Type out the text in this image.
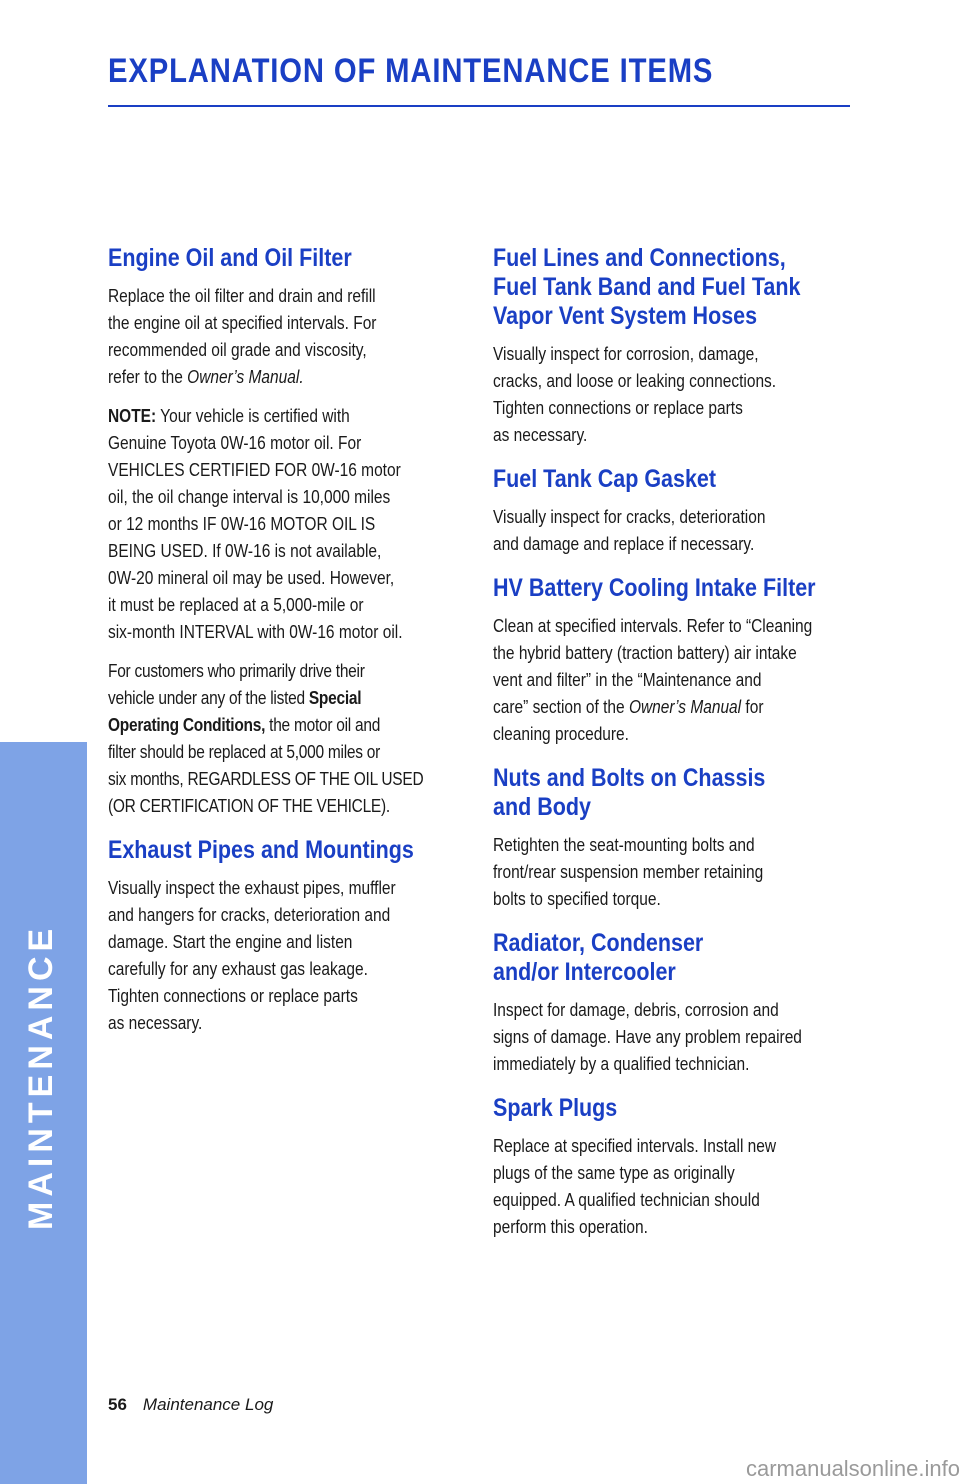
EXPLANATION OF MAINTENANCE ITEMS
Engine Oil and Oil Filter
Replace the oil filter and drain and refill
the engine oil at specified intervals. For
recommended oil grade and viscosity,
refer to the Owner’s Manual.
NOTE: Your vehicle is certified with
Genuine Toyota 0W-16 motor oil. For
VEHICLES CERTIFIED FOR 0W-16 motor
oil, the oil change interval is 10,000 miles
or 12 months IF 0W-16 MOTOR OIL IS
BEING USED. If 0W-16 is not available,
0W-20 mineral oil may be used. However,
it must be replaced at a 5,000-mile or
six-month INTERVAL with 0W-16 motor oil.
For customers who primarily drive their
vehicle under any of the listed Special
Operating Conditions, the motor oil and
filter should be replaced at 5,000 miles or
six months, REGARDLESS OF THE OIL USED
(OR CERTIFICATION OF THE VEHICLE).
Exhaust Pipes and Mountings
Visually inspect the exhaust pipes, muffler
and hangers for cracks, deterioration and
damage. Start the engine and listen
carefully for any exhaust gas leakage.
Tighten connections or replace parts
as necessary.
Fuel Lines and Connections,
Fuel Tank Band and Fuel Tank
Vapor Vent System Hoses
Visually inspect for corrosion, damage,
cracks, and loose or leaking connections.
Tighten connections or replace parts
as necessary.
Fuel Tank Cap Gasket
Visually inspect for cracks, deterioration
and damage and replace if necessary.
HV Battery Cooling Intake Filter
Clean at specified intervals. Refer to “Cleaning
the hybrid battery (traction battery) air intake
vent and filter” in the “Maintenance and
care” section of the Owner’s Manual for
cleaning procedure.
Nuts and Bolts on Chassis
and Body
Retighten the seat-mounting bolts and
front/rear suspension member retaining
bolts to specified torque.
Radiator, Condenser
and/or Intercooler
Inspect for damage, debris, corrosion and
signs of damage. Have any problem repaired
immediately by a qualified technician.
Spark Plugs
Replace at specified intervals. Install new
plugs of the same type as originally
equipped. A qualified technician should
perform this operation.
MAINTENANCE
56 Maintenance Log
carmanualsonline.info
